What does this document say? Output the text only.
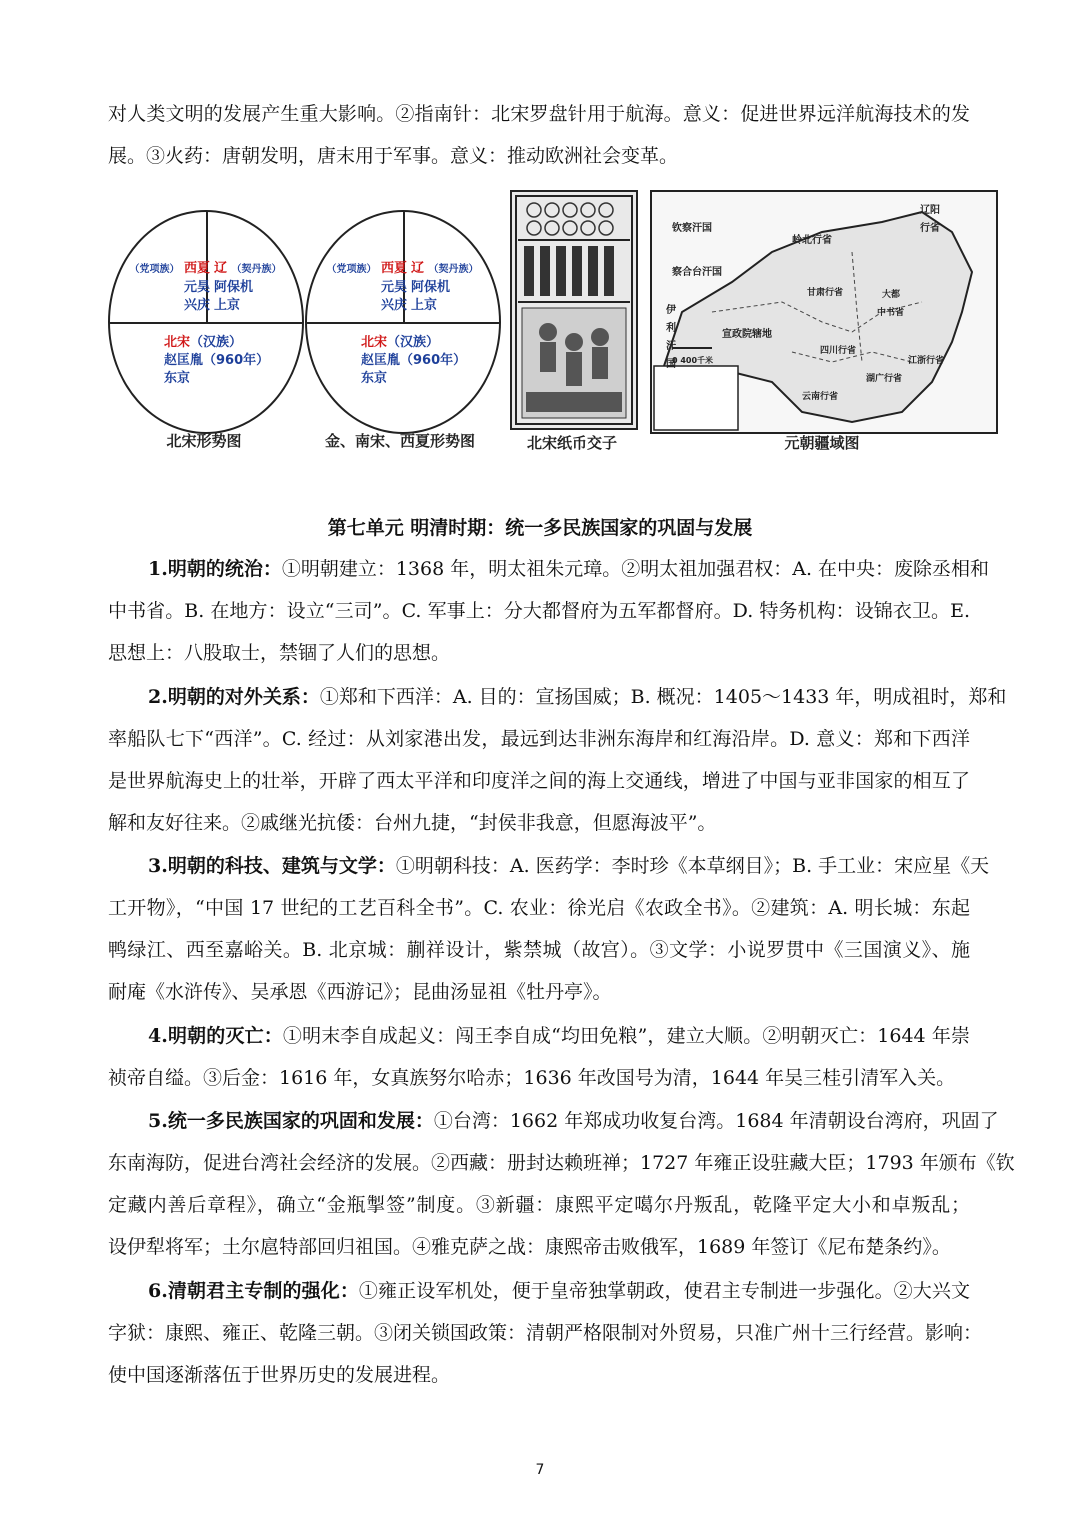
对人类文明的发展产生重大影响。②指南针：北宋罗盘针用于航海。意义：促进世界远洋航海技术的发
展。③火药：唐朝发明，唐末用于军事。意义：推动欧洲社会变革。
（党项族） 西夏
元昊
兴庆
辽 （契丹族）
阿保机
上京
北宋（汉族）
赵匡胤（960年）
东京
北宋形势图
（党项族） 西夏
元昊
兴庆
辽 （契丹族）
阿保机
上京
北宋（汉族）
赵匡胤（960年）
东京
金、南宋、西夏形势图	北宋纸币交子
钦察汗国
岭北行省
辽阳行省
察合台汗国
伊利汗国
宣政院辖地
甘肃行省
中书省
大都
四川行省
江浙行省
湖广行省
云南行省
0 400千米
元朝疆域图
第七单元 明清时期：统一多民族国家的巩固与发展
1.明朝的统治：①明朝建立：1368 年，明太祖朱元璋。②明太祖加强君权：A. 在中央：废除丞相和
中书省。B. 在地方：设立“三司”。C. 军事上：分大都督府为五军都督府。D. 特务机构：设锦衣卫。E.
思想上：八股取士，禁锢了人们的思想。
2.明朝的对外关系：①郑和下西洋：A. 目的：宣扬国威；B. 概况：1405～1433 年，明成祖时，郑和
率船队七下“西洋”。C. 经过：从刘家港出发，最远到达非洲东海岸和红海沿岸。D. 意义：郑和下西洋
是世界航海史上的壮举，开辟了西太平洋和印度洋之间的海上交通线，增进了中国与亚非国家的相互了
解和友好往来。②戚继光抗倭：台州九捷，“封侯非我意，但愿海波平”。
3.明朝的科技、建筑与文学：①明朝科技：A. 医药学：李时珍《本草纲目》；B. 手工业：宋应星《天
工开物》，“中国 17 世纪的工艺百科全书”。C. 农业：徐光启《农政全书》。②建筑：A. 明长城：东起
鸭绿江、西至嘉峪关。B. 北京城：蒯祥设计，紫禁城（故宫）。③文学：小说罗贯中《三国演义》、施
耐庵《水浒传》、吴承恩《西游记》；昆曲汤显祖《牡丹亭》。
4.明朝的灭亡：①明末李自成起义：闯王李自成“均田免粮”，建立大顺。②明朝灭亡：1644 年崇
祯帝自缢。③后金：1616 年，女真族努尔哈赤；1636 年改国号为清，1644 年吴三桂引清军入关。
5.统一多民族国家的巩固和发展：①台湾：1662 年郑成功收复台湾。1684 年清朝设台湾府，巩固了
东南海防，促进台湾社会经济的发展。②西藏：册封达赖班禅；1727 年雍正设驻藏大臣；1793 年颁布《钦
定藏内善后章程》，确立“金瓶掣签”制度。③新疆：康熙平定噶尔丹叛乱，乾隆平定大小和卓叛乱；
设伊犁将军；土尔扈特部回归祖国。④雅克萨之战：康熙帝击败俄军，1689 年签订《尼布楚条约》。
6.清朝君主专制的强化：①雍正设军机处，便于皇帝独掌朝政，使君主专制进一步强化。②大兴文
字狱：康熙、雍正、乾隆三朝。③闭关锁国政策：清朝严格限制对外贸易，只准广州十三行经营。影响：
使中国逐渐落伍于世界历史的发展进程。
7
